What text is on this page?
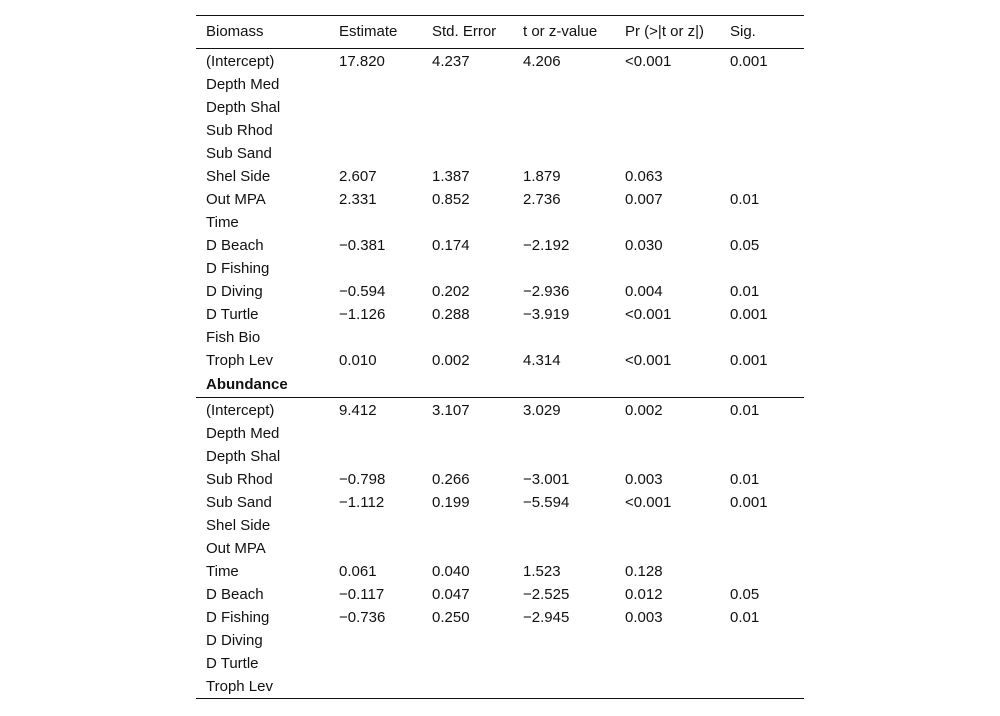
Biomass	Estimate	Std. Error	t or z-value	Pr (>|t or z|)	Sig.
(Intercept)	17.820	4.237	4.206	<0.001	0.001
Depth Med					
Depth Shal					
Sub Rhod					
Sub Sand					
Shel Side	2.607	1.387	1.879	0.063	
Out MPA	2.331	0.852	2.736	0.007	0.01
Time					
D Beach	−0.381	0.174	−2.192	0.030	0.05
D Fishing					
D Diving	−0.594	0.202	−2.936	0.004	0.01
D Turtle	−1.126	0.288	−3.919	<0.001	0.001
Fish Bio					
Troph Lev	0.010	0.002	4.314	<0.001	0.001
Abundance					
(Intercept)	9.412	3.107	3.029	0.002	0.01
Depth Med					
Depth Shal					
Sub Rhod	−0.798	0.266	−3.001	0.003	0.01
Sub Sand	−1.112	0.199	−5.594	<0.001	0.001
Shel Side					
Out MPA					
Time	0.061	0.040	1.523	0.128	
D Beach	−0.117	0.047	−2.525	0.012	0.05
D Fishing	−0.736	0.250	−2.945	0.003	0.01
D Diving					
D Turtle					
Troph Lev					
